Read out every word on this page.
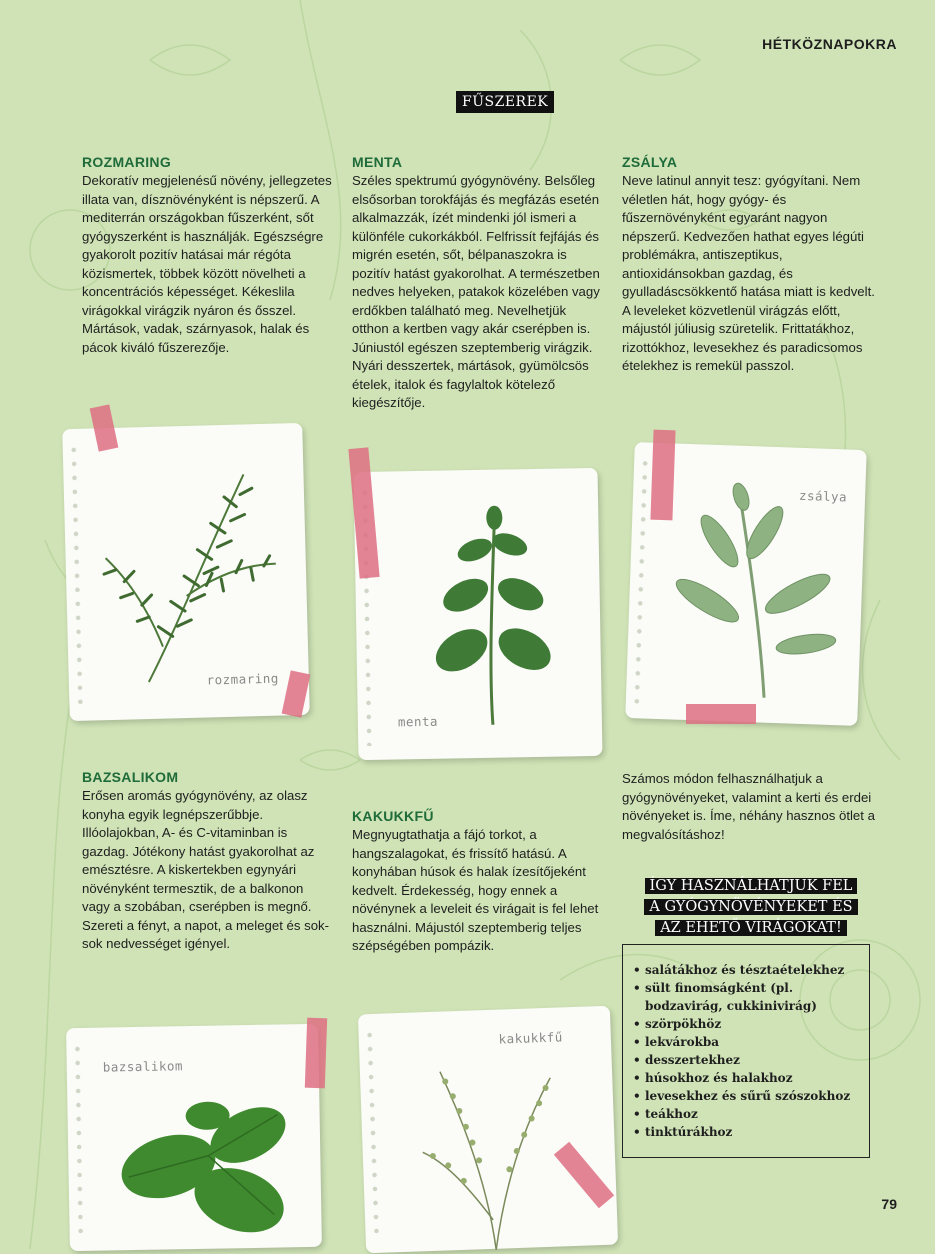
HÉTKÖZNAPOKRA
FŰSZEREK
ROZMARING

Dekoratív megjelenésű növény, jellegzetes illata van, dísznövényként is népszerű. A mediterrán országokban fűszerként, sőt gyógyszerként is használják. Egészségre gyakorolt pozitív hatásai már régóta közismertek, többek között növelheti a koncentrációs képességet. Kékeslila virágokkal virágzik nyáron és ősszel. Mártások, vadak, szárnyasok, halak és pácok kiváló fűszerezője.

MENTA

Széles spektrumú gyógynövény. Belsőleg elsősorban torokfájás és megfázás esetén alkalmazzák, ízét mindenki jól ismeri a különféle cukorkákból. Felfrissít fejfájás és migrén esetén, sőt, bélpanaszokra is pozitív hatást gyakorolhat. A természetben nedves helyeken, patakok közelében vagy erdőkben található meg. Nevelhetjük otthon a kertben vagy akár cserépben is. Júniustól egészen szeptemberig virágzik. Nyári desszertek, mártások, gyümölcsös ételek, italok és fagylaltok kötelező kiegészítője.

ZSÁLYA

Neve latinul annyit tesz: gyógyítani. Nem véletlen hát, hogy gyógy- és fűszernövényként egyaránt nagyon népszerű. Kedvezően hathat egyes légúti problémákra, antiszeptikus, antioxidánsokban gazdag, és gyulladáscsökkentő hatása miatt is kedvelt. A leveleket közvetlenül virágzás előtt, májustól júliusig szüretelik. Frittatákhoz, rizottókhoz, levesekhez és paradicsomos ételekhez is remekül passzol.

BAZSALIKOM

Erősen aromás gyógynövény, az olasz konyha egyik legnépszerűbbje. Illóolajokban, A- és C-vitaminban is gazdag. Jótékony hatást gyakorolhat az emésztésre. A kiskertekben egynyári növényként termesztik, de a balkonon vagy a szobában, cserépben is megnő. Szereti a fényt, a napot, a meleget és sok-sok nedvességet igényel.

KAKUKKFŰ

Megnyugtathatja a fájó torkot, a hangszalagokat, és frissítő hatású. A konyhában húsok és halak ízesítőjeként kedvelt. Érdekesség, hogy ennek a növénynek a leveleit és virágait is fel lehet használni. Májustól szeptemberig teljes szépségében pompázik.

rozmaring
menta
zsálya
bazsalikom
kakukkfű

Számos módon felhasználhatjuk a gyógynövényeket, valamint a kerti és erdei növényeket is. Íme, néhány hasznos ötlet a megvalósításhoz!

ÍGY HASZNÁLHATJUK FEL
A GYÓGYNÖVÉNYEKET ÉS
AZ EHETŐ VIRÁGOKAT!
• salátákhoz és tésztaételekhez
• sült finomságként (pl. bodzavirág, cukkinivirág)
• szörpökhöz
• lekvárokba
• desszertekhez
• húsokhoz és halakhoz
• levesekhez és sűrű szószokhoz
• teákhoz
• tinktúrákhoz
79
